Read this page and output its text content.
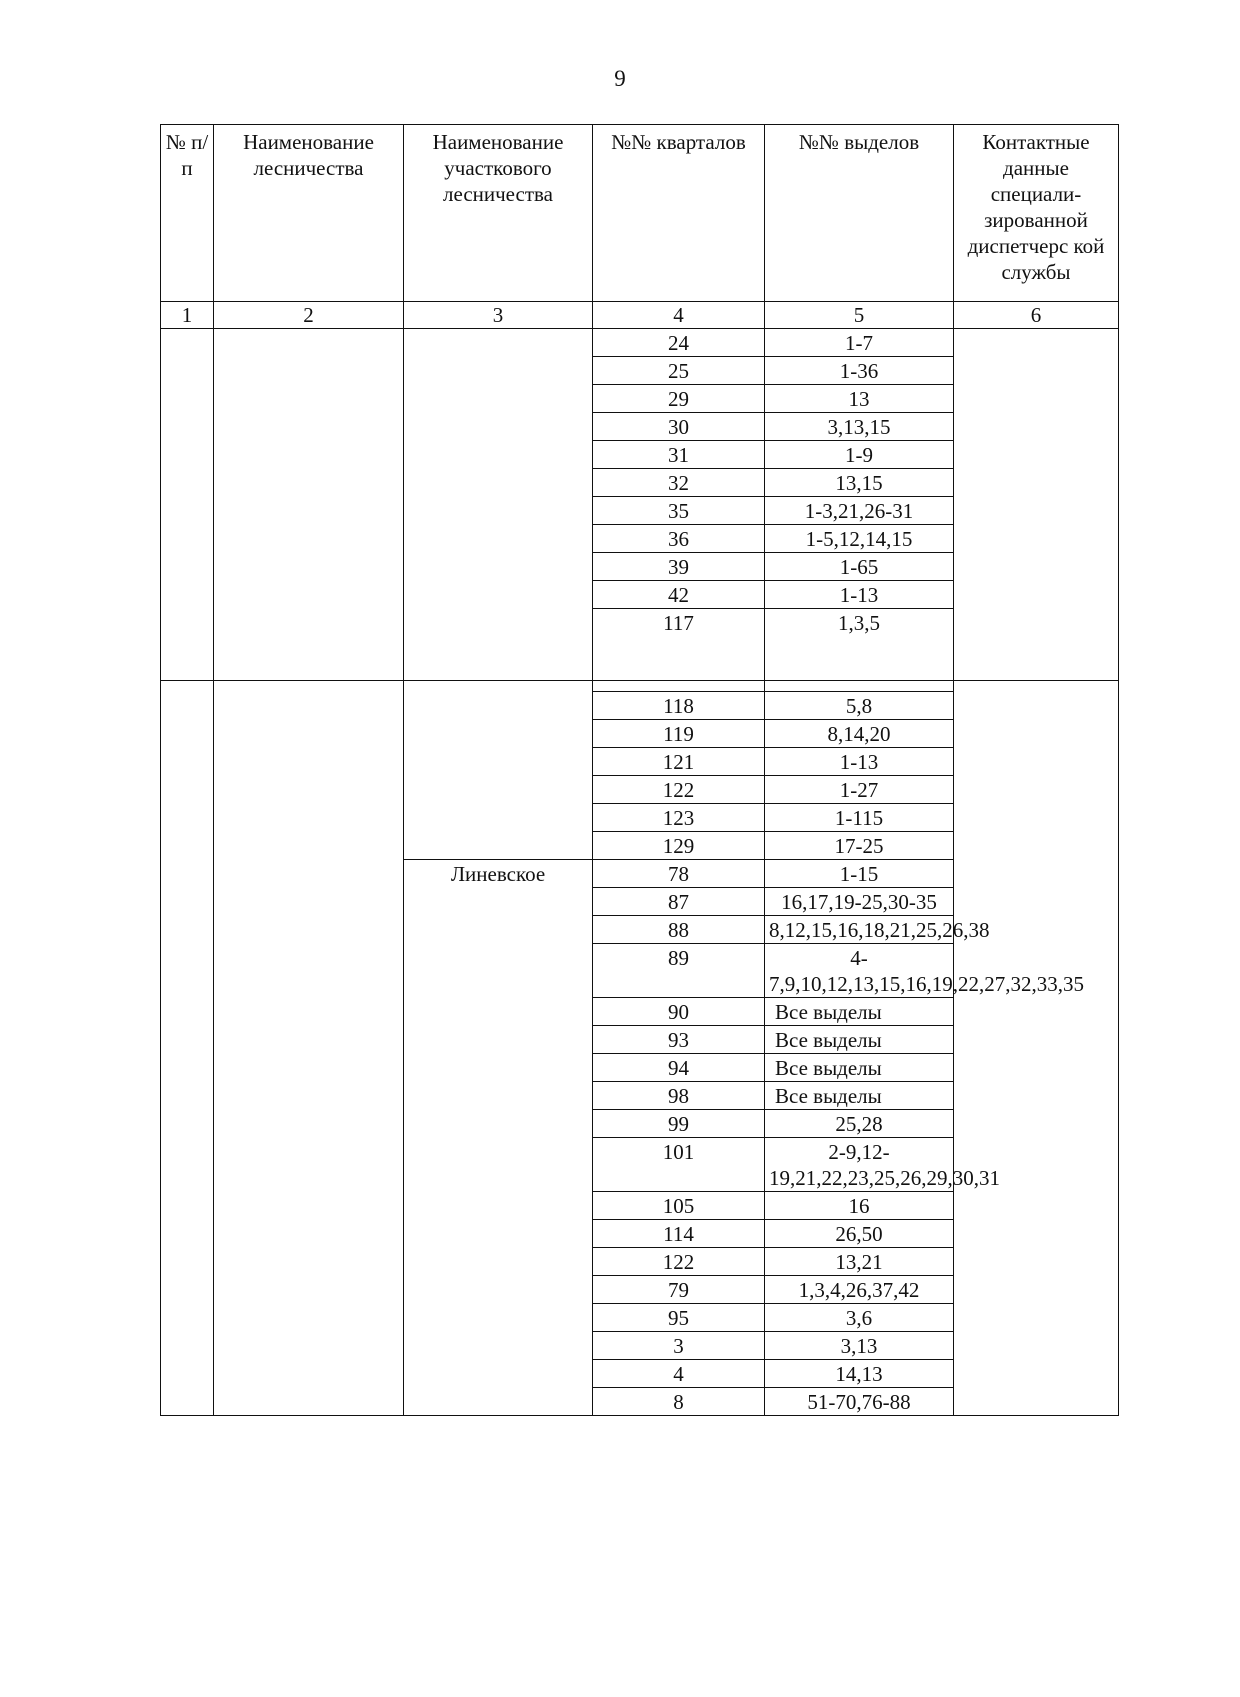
9
№ п/п	Наименование лесничества	Наименование участкового лесничества	№№ кварталов	№№ выделов	Контактные данные специали-зированной диспетчерс кой службы
1	2	3	4	5	6
			24	1-7	
			25	1-36	
			29	13	
			30	3,13,15	
			31	1-9	
			32	13,15	
			35	1-3,21,26-31	
			36	1-5,12,14,15	
			39	1-65	
			42	1-13	
			117	1,3,5	

			118	5,8	
			119	8,14,20	
			121	1-13	
			122	1-27	
			123	1-115	
			129	17-25	
		Линевское	78	1-15	
			87	16,17,19-25,30-35	
			88	8,12,15,16,18,21,25,26,38	
			89	4-7,9,10,12,13,15,16,19,22,27,32,33,35	
			90	Все выделы	
			93	Все выделы	
			94	Все выделы	
			98	Все выделы	
			99	25,28	
			101	2-9,12-19,21,22,23,25,26,29,30,31	
			105	16	
			114	26,50	
			122	13,21	
			79	1,3,4,26,37,42	
			95	3,6	
			3	3,13	
			4	14,13	
			8	51-70,76-88	
